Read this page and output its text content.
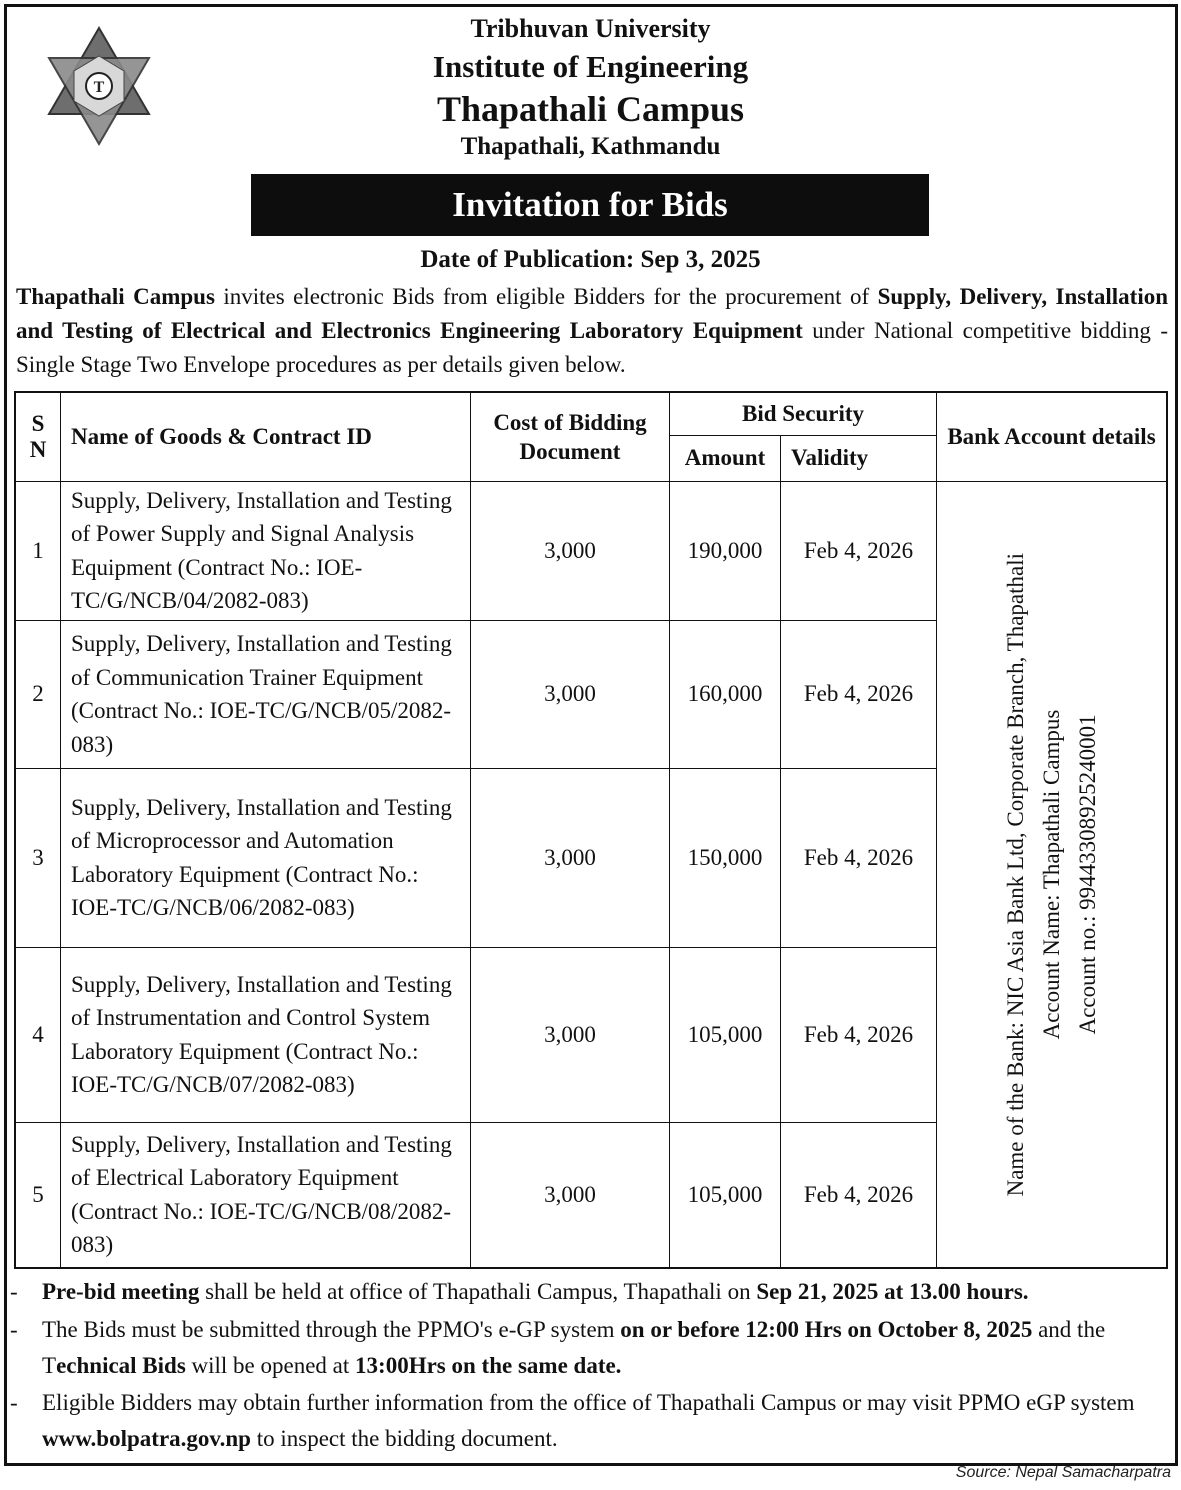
T
Tribhuvan University
Institute of Engineering
Thapathali Campus
Thapathali, Kathmandu
Invitation for Bids
Date of Publication: Sep 3, 2025
Thapathali Campus invites electronic Bids from eligible Bidders for the procurement of Supply, Delivery, Installation and Testing of Electrical and Electronics Engineering Laboratory Equipment under National competitive bidding - Single Stage Two Envelope procedures as per details given below.
S N	Name of Goods & Contract ID	Cost of Bidding Document	Bid Security		Bank Account details
			Amount	Validity	
1	Supply, Delivery, Installation and Testing of Power Supply and Signal Analysis Equipment (Contract No.: IOE-TC/G/NCB/04/2082-083)	3,000	190,000	Feb 4, 2026	Name of the Bank: NIC Asia Bank Ltd, Corporate Branch, Thapathali Account Name: Thapathali Campus Account no.: 99443308925240001

2	Supply, Delivery, Installation and Testing of Communication Trainer Equipment (Contract No.: IOE-TC/G/NCB/05/2082-083)	3,000	160,000	Feb 4, 2026	
3	Supply, Delivery, Installation and Testing of Microprocessor and Automation Laboratory Equipment (Contract No.: IOE-TC/G/NCB/06/2082-083)	3,000	150,000	Feb 4, 2026	
4	Supply, Delivery, Installation and Testing of Instrumentation and Control System Laboratory Equipment (Contract No.: IOE-TC/G/NCB/07/2082-083)	3,000	105,000	Feb 4, 2026	
5	Supply, Delivery, Installation and Testing of Electrical Laboratory Equipment (Contract No.: IOE-TC/G/NCB/08/2082-083)	3,000	105,000	Feb 4, 2026	
- Pre-bid meeting shall be held at office of Thapathali Campus, Thapathali on Sep 21, 2025 at 13.00 hours.
- The Bids must be submitted through the PPMO's e-GP system on or before 12:00 Hrs on October 8, 2025 and the Technical Bids will be opened at 13:00Hrs on the same date.
- Eligible Bidders may obtain further information from the office of Thapathali Campus or may visit PPMO eGP system www.bolpatra.gov.np to inspect the bidding document.
Source: Nepal Samacharpatra
